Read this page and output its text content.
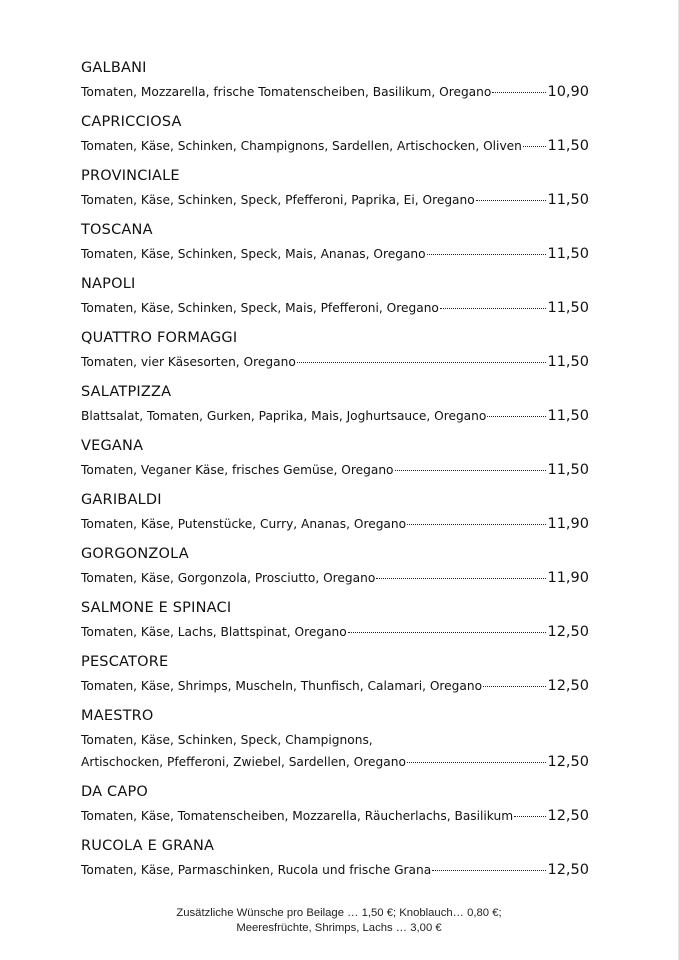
GALBANI
Tomaten, Mozzarella, frische Tomatenscheiben, Basilikum, Oregano	10,90
CAPRICCIOSA
Tomaten, Käse, Schinken, Champignons, Sardellen, Artischocken, Oliven 11,50
PROVINCIALE
Tomaten, Käse, Schinken, Speck, Pfefferoni, Paprika, Ei, Oregano	11,50
TOSCANA
Tomaten, Käse, Schinken, Speck, Mais, Ananas, Oregano	11,50
NAPOLI
Tomaten, Käse, Schinken, Speck, Mais, Pfefferoni, Oregano	11,50
QUATTRO FORMAGGI
Tomaten, vier Käsesorten, Oregano	11,50
SALATPIZZA
Blattsalat, Tomaten, Gurken, Paprika, Mais, Joghurtsauce, Oregano	11,50
VEGANA
Tomaten, Veganer Käse, frisches Gemüse, Oregano	11,50
GARIBALDI
Tomaten, Käse, Putenstücke, Curry, Ananas, Oregano	11,90
GORGONZOLA
Tomaten, Käse, Gorgonzola, Prosciutto, Oregano	11,90
SALMONE E SPINACI
Tomaten, Käse, Lachs, Blattspinat, Oregano	12,50
PESCATORE
Tomaten, Käse, Shrimps, Muscheln, Thunfisch, Calamari, Oregano	12,50
MAESTRO
Tomaten, Käse, Schinken, Speck, Champignons,
Artischocken, Pfefferoni, Zwiebel, Sardellen, Oregano	12,50
DA CAPO
Tomaten, Käse, Tomatenscheiben, Mozzarella, Räucherlachs, Basilikum 12,50
RUCOLA E GRANA
Tomaten, Käse, Parmaschinken, Rucola und frische Grana	12,50
Zusätzliche Wünsche pro Beilage … 1,50 €; Knoblauch… 0,80 €;
Meeresfrüchte, Shrimps, Lachs … 3,00 €
